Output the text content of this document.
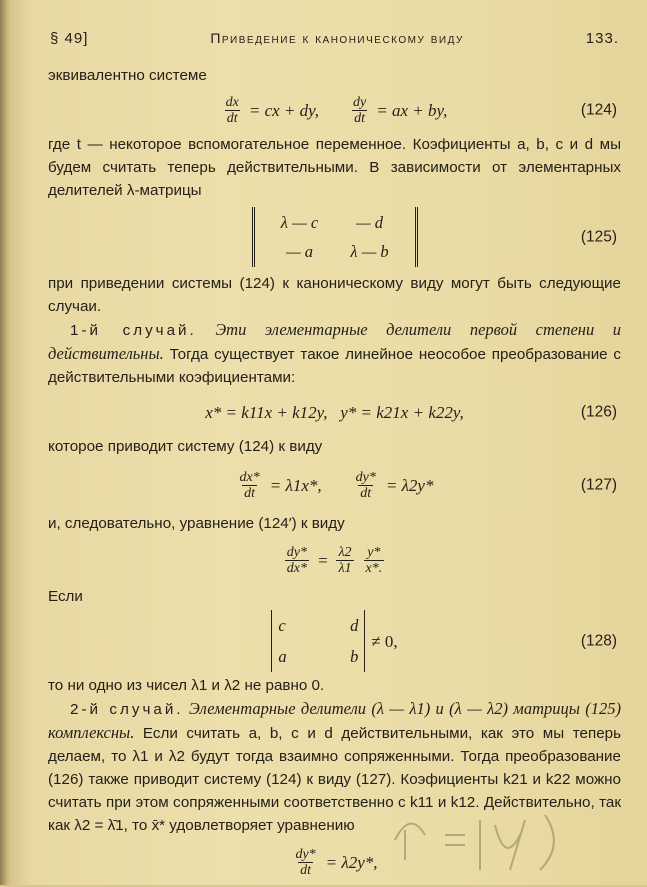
§ 49]	Приведение к каноническому виду	133.

эквивалентно системе

$\frac{dx}{dt}$ = cx + dy, $\frac{dy}{dt}$ = ax + by,	(124)

где t — некоторое вспомогательное переменное. Коэфициенты a, b, c и d мы будем считать теперь действительными. В зависимости от элементарных делителей λ-матрицы

λ — c	— d
— a	λ — b
(125)

при приведении системы (124) к каноническому виду могут быть следующие случаи.

1-й случай. Эти элементарные делители первой степени и действительны. Тогда существует такое линейное неособое преобразование с действительными коэфициентами:

x* = k11x + k12y,   y* = k21x + k22y,	(126)

которое приводит систему (124) к виду

$\frac{dx*}{dt} = \lambda 1x*$, $\frac{dy*}{dt} = \lambda 2y*$	(127)

и, следовательно, уравнение (124′) к виду

$\frac{dy*}{dx*} = \frac{\lambda 2}{\lambda 1} \frac{y*}{x*.}$

Если

c	d
a	b
≠ 0,	(128)

то ни одно из чисел λ1 и λ2 не равно 0.

2-й случай. Элементарные делители (λ — λ1) и (λ — λ2) матрицы (125) комплексны. Если считать a, b, c и d действительными, как это мы теперь делаем, то λ1 и λ2 будут тогда взаимно сопряженными. Тогда преобразование (126) также приводит систему (124) к виду (127). Коэфициенты k21 и k22 можно считать при этом сопряженными соответственно с k11 и k12. Действительно, так как λ2 = λ̄1, то x̄* удовлетворяет уравнению

$\frac{dy*}{dt} = \lambda 2y*$,
